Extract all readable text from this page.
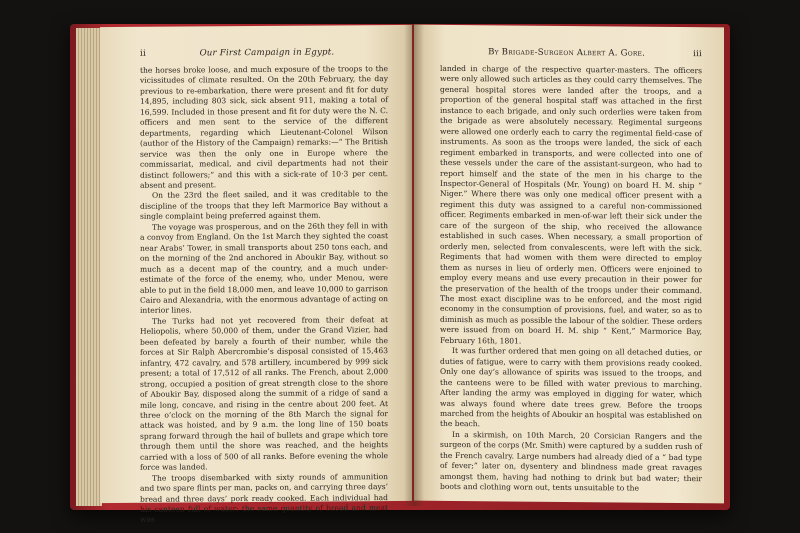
ii	Our First Campaign in Egypt.

the horses broke loose, and much exposure of the troops to the vicissitudes of climate resulted. On the 20th February, the day previous to re-embarkation, there were present and fit for duty 14,895, including 803 sick, sick absent 911, making a total of 16,599. Included in those present and fit for duty were the N. C. officers and men sent to the service of the different departments, regarding which Lieutenant-Colonel Wilson (author of the History of the Campaign) remarks:—“ The British service was then the only one in Europe where the commissariat, medical, and civil departments had not their distinct followers;” and this with a sick-rate of 10·3 per cent. absent and present.

On the 23rd the fleet sailed, and it was creditable to the discipline of the troops that they left Marmorice Bay without a single complaint being preferred against them.

The voyage was prosperous, and on the 26th they fell in with a convoy from England. On the 1st March they sighted the coast near Arabs’ Tower, in small transports about 250 tons each, and on the morning of the 2nd anchored in Aboukir Bay, without so much as a decent map of the country, and a much under-estimate of the force of the enemy, who, under Menou, were able to put in the field 18,000 men, and leave 10,000 to garrison Cairo and Alexandria, with the enormous advantage of acting on interior lines.

The Turks had not yet recovered from their defeat at Heliopolis, where 50,000 of them, under the Grand Vizier, had been defeated by barely a fourth of their number, while the forces at Sir Ralph Abercrombie’s disposal consisted of 15,463 infantry, 472 cavalry, and 578 artillery, incumbered by 999 sick present; a total of 17,512 of all ranks. The French, about 2,000 strong, occupied a position of great strength close to the shore of Aboukir Bay, disposed along the summit of a ridge of sand a mile long, concave, and rising in the centre about 200 feet. At three o’clock on the morning of the 8th March the signal for attack was hoisted, and by 9 a.m. the long line of 150 boats sprang forward through the hail of bullets and grape which tore through them until the shore was reached, and the heights carried with a loss of 500 of all ranks. Before evening the whole force was landed.

The troops disembarked with sixty rounds of ammunition and two spare flints per man, packs on, and carrying three days’ bread and three days’ pork ready cooked. Each individual had his canteen full of water; the same quantity of bread and meat was

By Brigade-Surgeon Albert A. Gore.	iii

landed in charge of the respective quarter-masters. The officers were only allowed such articles as they could carry themselves. The general hospital stores were landed after the troops, and a proportion of the general hospital staff was attached in the first instance to each brigade, and only such orderlies were taken from the brigade as were absolutely necessary. Regimental surgeons were allowed one orderly each to carry the regimental field-case of instruments. As soon as the troops were landed, the sick of each regiment embarked in transports, and were collected into one of these vessels under the care of the assistant-surgeon, who had to report himself and the state of the men in his charge to the Inspector-General of Hospitals (Mr. Young) on board H. M. ship “ Niger.” Where there was only one medical officer present with a regiment this duty was assigned to a careful non-commissioned officer. Regiments embarked in men-of-war left their sick under the care of the surgeon of the ship, who received the allowance established in such cases. When necessary, a small proportion of orderly men, selected from convalescents, were left with the sick. Regiments that had women with them were directed to employ them as nurses in lieu of orderly men. Officers were enjoined to employ every means and use every precaution in their power for the preservation of the health of the troops under their command. The most exact discipline was to be enforced, and the most rigid economy in the consumption of provisions, fuel, and water, so as to diminish as much as possible the labour of the soldier. These orders were issued from on board H. M. ship “ Kent,” Marmorice Bay, February 16th, 1801.

It was further ordered that men going on all detached duties, or duties of fatigue, were to carry with them provisions ready cooked. Only one day’s allowance of spirits was issued to the troops, and the canteens were to be filled with water previous to marching. After landing the army was employed in digging for water, which was always found where date trees grew. Before the troops marched from the heights of Aboukir an hospital was established on the beach.

In a skirmish, on 10th March, 20 Corsician Rangers and the surgeon of the corps (Mr. Smith) were captured by a sudden rush of the French cavalry. Large numbers had already died of a “ bad type of fever;” later on, dysentery and blindness made great ravages amongst them, having had nothing to drink but bad water; their boots and clothing worn out, tents unsuitable to the
